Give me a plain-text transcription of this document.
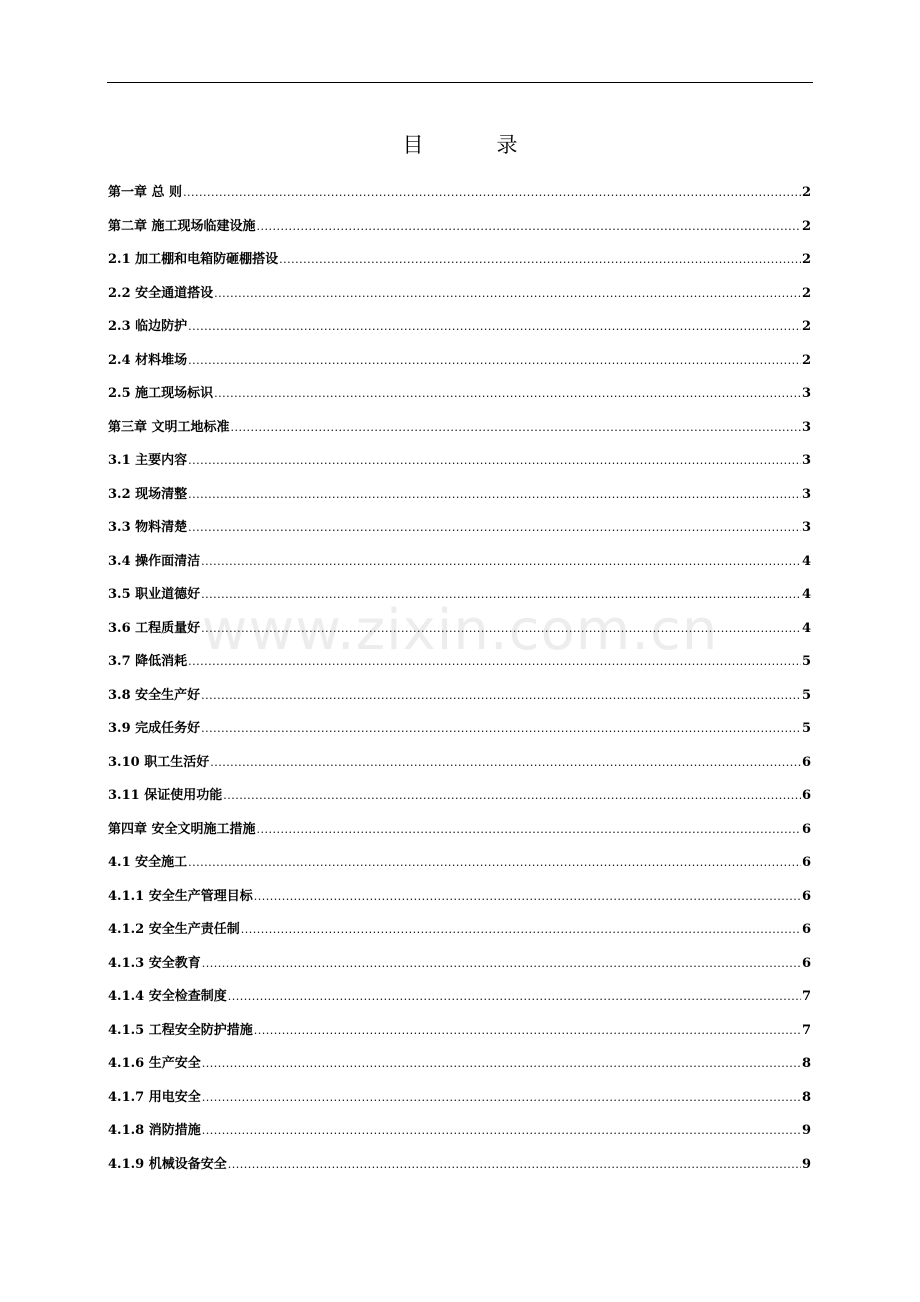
目　录
www.zixin.com.cn
第一章 总 则 .....	2
第二章 施工现场临建设施 .....	2
2.1 加工棚和电箱防砸棚搭设 .....	2
2.2 安全通道搭设 .....	2
2.3 临边防护 .....	2
2.4 材料堆场 .....	2
2.5 施工现场标识 .....	3
第三章 文明工地标准 .....	3
3.1 主要内容 .....	3
3.2 现场清整 .....	3
3.3 物料清楚 .....	3
3.4 操作面清洁 .....	4
3.5 职业道德好 .....	4
3.6 工程质量好 .....	4
3.7 降低消耗 .....	5
3.8 安全生产好 .....	5
3.9 完成任务好 .....	5
3.10 职工生活好 .....	6
3.11 保证使用功能 .....	6
第四章 安全文明施工措施 .....	6
4.1 安全施工 .....	6
4.1.1 安全生产管理目标 .....	6
4.1.2 安全生产责任制 .....	6
4.1.3 安全教育 .....	6
4.1.4 安全检查制度 .....	7
4.1.5 工程安全防护措施 .....	7
4.1.6 生产安全 .....	8
4.1.7 用电安全 .....	8
4.1.8 消防措施 .....	9
4.1.9 机械设备安全 .....	9
